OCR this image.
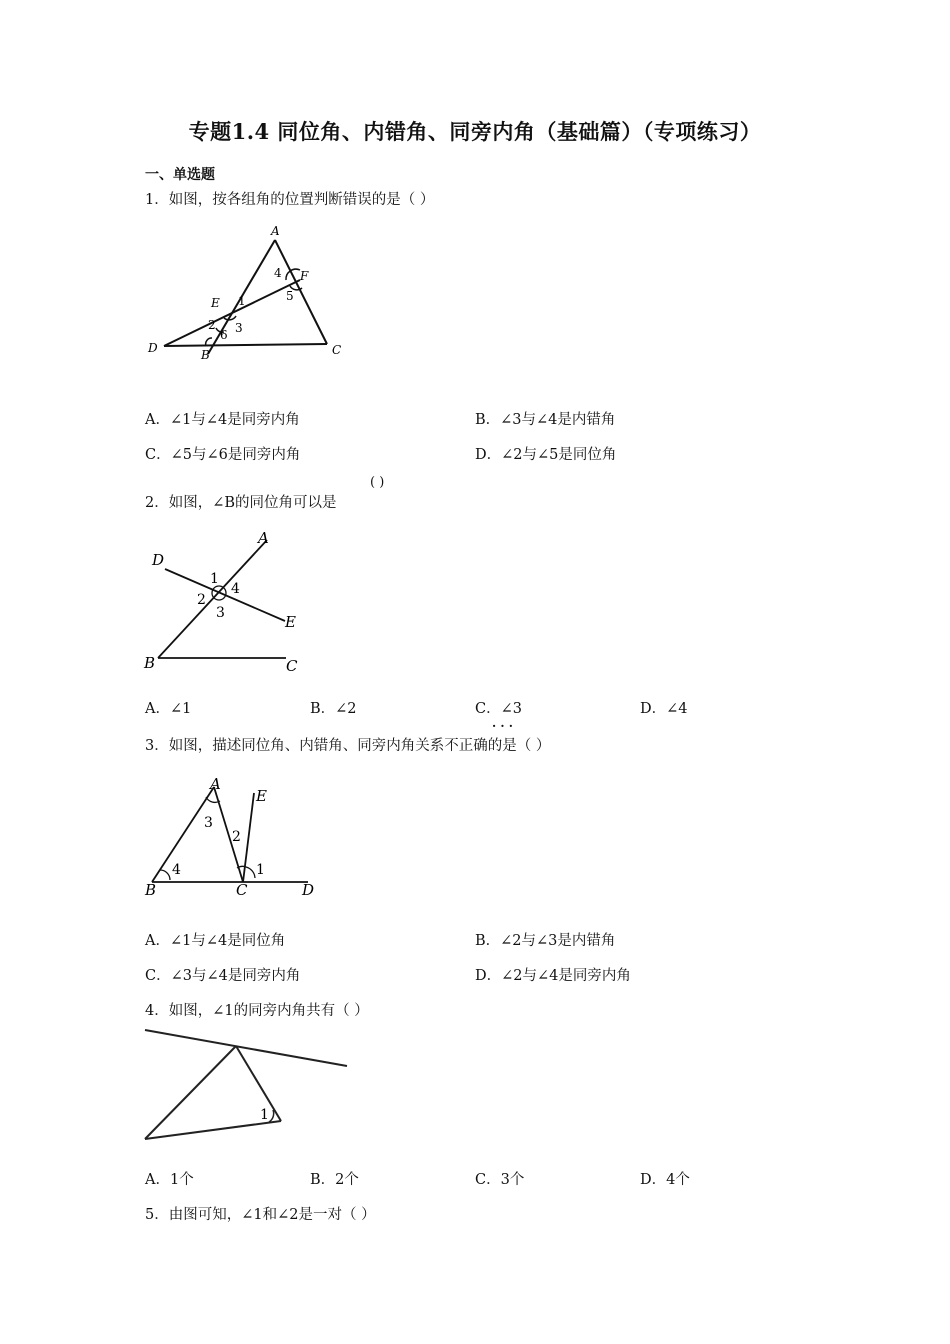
专题1.4 同位角、内错角、同旁内角（基础篇）（专项练习）
一、单选题
1．如图，按各组角的位置判断错误的是（ ）
A
F
E
D	B	C
1
2 3
4
5
6
A．∠1与∠4是同旁内角	B．∠3与∠4是内错角
C．∠5与∠6是同旁内角	D．∠2与∠5是同位角
2．如图，∠B的同位角可以是
( )
D
A
E
B	C
1
2
3
4
A．∠1	B．∠2	C．∠3	D．∠4
· · ·
3．如图，描述同位角、内错角、同旁内角关系不正确的是（ ）
A
E
B	C	D
1
2
3
4
A．∠1与∠4是同位角	B．∠2与∠3是内错角
C．∠3与∠4是同旁内角	D．∠2与∠4是同旁内角
4．如图，∠1的同旁内角共有（ ）
1
A．1个	B．2个	C．3个	D．4个
5．由图可知，∠1和∠2是一对（ ）
